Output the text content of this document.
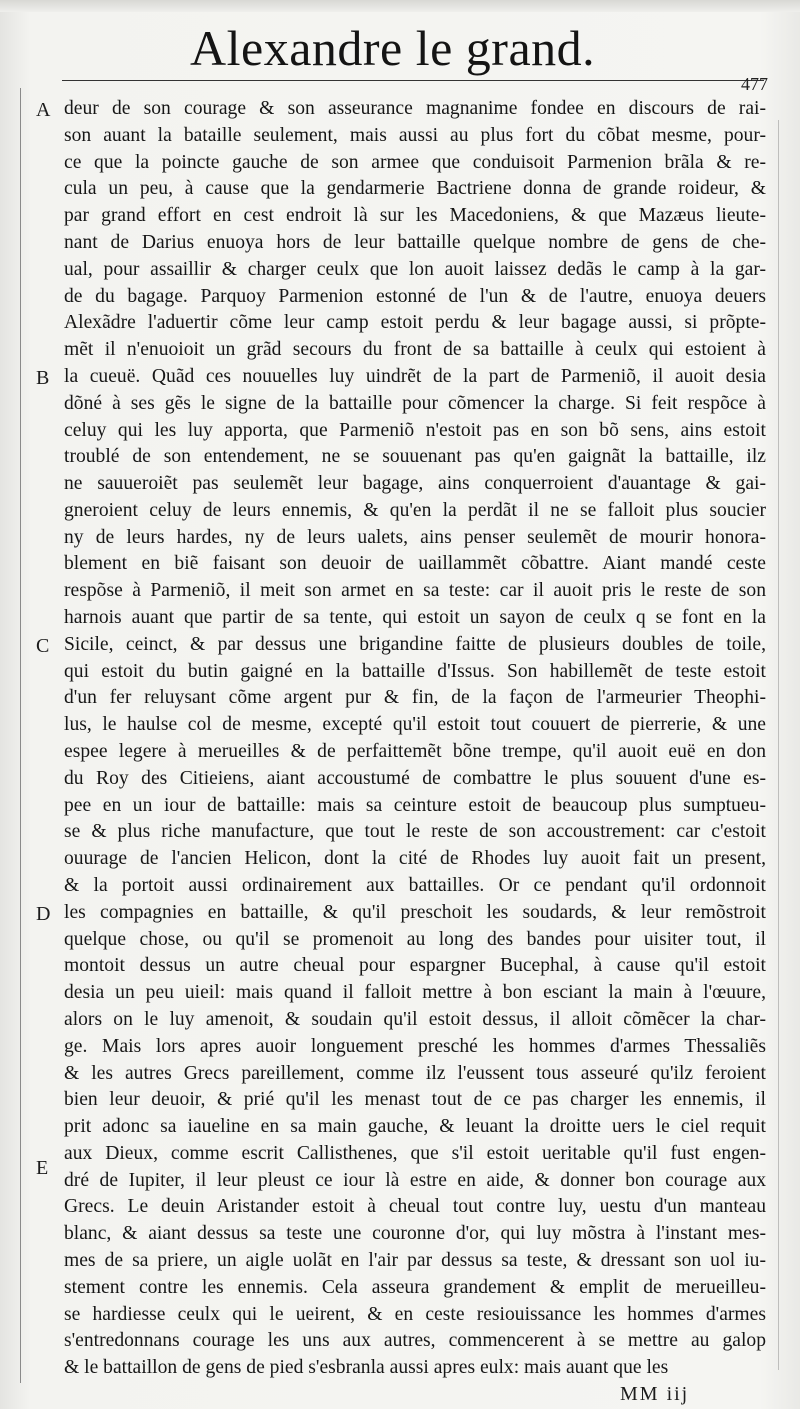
Alexandre le grand.
477
A
B
C
D
E
deur de son courage & son asseurance magnanime fondee en discours de rai-
son auant la bataille seulement, mais aussi au plus fort du cõbat mesme, pour-
ce que la poincte gauche de son armee que conduisoit Parmenion brãla & re-
cula un peu, à cause que la gendarmerie Bactriene donna de grande roideur, &
par grand effort en cest endroit là sur les Macedoniens, & que Mazæus lieute-
nant de Darius enuoya hors de leur battaille quelque nombre de gens de che-
ual, pour assaillir & charger ceulx que lon auoit laissez dedãs le camp à la gar-
de du bagage. Parquoy Parmenion estonné de l'un & de l'autre, enuoya deuers
Alexãdre l'aduertir cõme leur camp estoit perdu & leur bagage aussi, si prõpte-
mẽt il n'enuoioit un grãd secours du front de sa battaille à ceulx qui estoient à
la cueuë. Quãd ces nouuelles luy uindrẽt de la part de Parmeniõ, il auoit desia
dõné à ses gẽs le signe de la battaille pour cõmencer la charge. Si feit respõce à
celuy qui les luy apporta, que Parmeniõ n'estoit pas en son bõ sens, ains estoit
troublé de son entendement, ne se souuenant pas qu'en gaignãt la battaille, ilz
ne sauueroiẽt pas seulemẽt leur bagage, ains conquerroient d'auantage & gai-
gneroient celuy de leurs ennemis, & qu'en la perdãt il ne se falloit plus soucier
ny de leurs hardes, ny de leurs ualets, ains penser seulemẽt de mourir honora-
blement en biẽ faisant son deuoir de uaillammẽt cõbattre. Aiant mandé ceste
respõse à Parmeniõ, il meit son armet en sa teste: car il auoit pris le reste de son
harnois auant que partir de sa tente, qui estoit un sayon de ceulx q se font en la
Sicile, ceinct, & par dessus une brigandine faitte de plusieurs doubles de toile,
qui estoit du butin gaigné en la battaille d'Issus. Son habillemẽt de teste estoit
d'un fer reluysant cõme argent pur & fin, de la façon de l'armeurier Theophi-
lus, le haulse col de mesme, excepté qu'il estoit tout couuert de pierrerie, & une
espee legere à merueilles & de perfaittemẽt bõne trempe, qu'il auoit euë en don
du Roy des Citieiens, aiant accoustumé de combattre le plus souuent d'une es-
pee en un iour de battaille: mais sa ceinture estoit de beaucoup plus sumptueu-
se & plus riche manufacture, que tout le reste de son accoustrement: car c'estoit
ouurage de l'ancien Helicon, dont la cité de Rhodes luy auoit fait un present,
& la portoit aussi ordinairement aux battailles. Or ce pendant qu'il ordonnoit
les compagnies en battaille, & qu'il preschoit les soudards, & leur remõstroit
quelque chose, ou qu'il se promenoit au long des bandes pour uisiter tout, il
montoit dessus un autre cheual pour espargner Bucephal, à cause qu'il estoit
desia un peu uieil: mais quand il falloit mettre à bon esciant la main à l'œuure,
alors on le luy amenoit, & soudain qu'il estoit dessus, il alloit cõmẽcer la char-
ge. Mais lors apres auoir longuement presché les hommes d'armes Thessaliẽs
& les autres Grecs pareillement, comme ilz l'eussent tous asseuré qu'ilz feroient
bien leur deuoir, & prié qu'il les menast tout de ce pas charger les ennemis, il
prit adonc sa iaueline en sa main gauche, & leuant la droitte uers le ciel requit
aux Dieux, comme escrit Callisthenes, que s'il estoit ueritable qu'il fust engen-
dré de Iupiter, il leur pleust ce iour là estre en aide, & donner bon courage aux
Grecs. Le deuin Aristander estoit à cheual tout contre luy, uestu d'un manteau
blanc, & aiant dessus sa teste une couronne d'or, qui luy mõstra à l'instant mes-
mes de sa priere, un aigle uolãt en l'air par dessus sa teste, & dressant son uol iu-
stement contre les ennemis. Cela asseura grandement & emplit de merueilleu-
se hardiesse ceulx qui le ueirent, & en ceste resiouissance les hommes d'armes
s'entredonnans courage les uns aux autres, commencerent à se mettre au galop
& le battaillon de gens de pied s'esbranla aussi apres eulx: mais auant que les
MM iij
